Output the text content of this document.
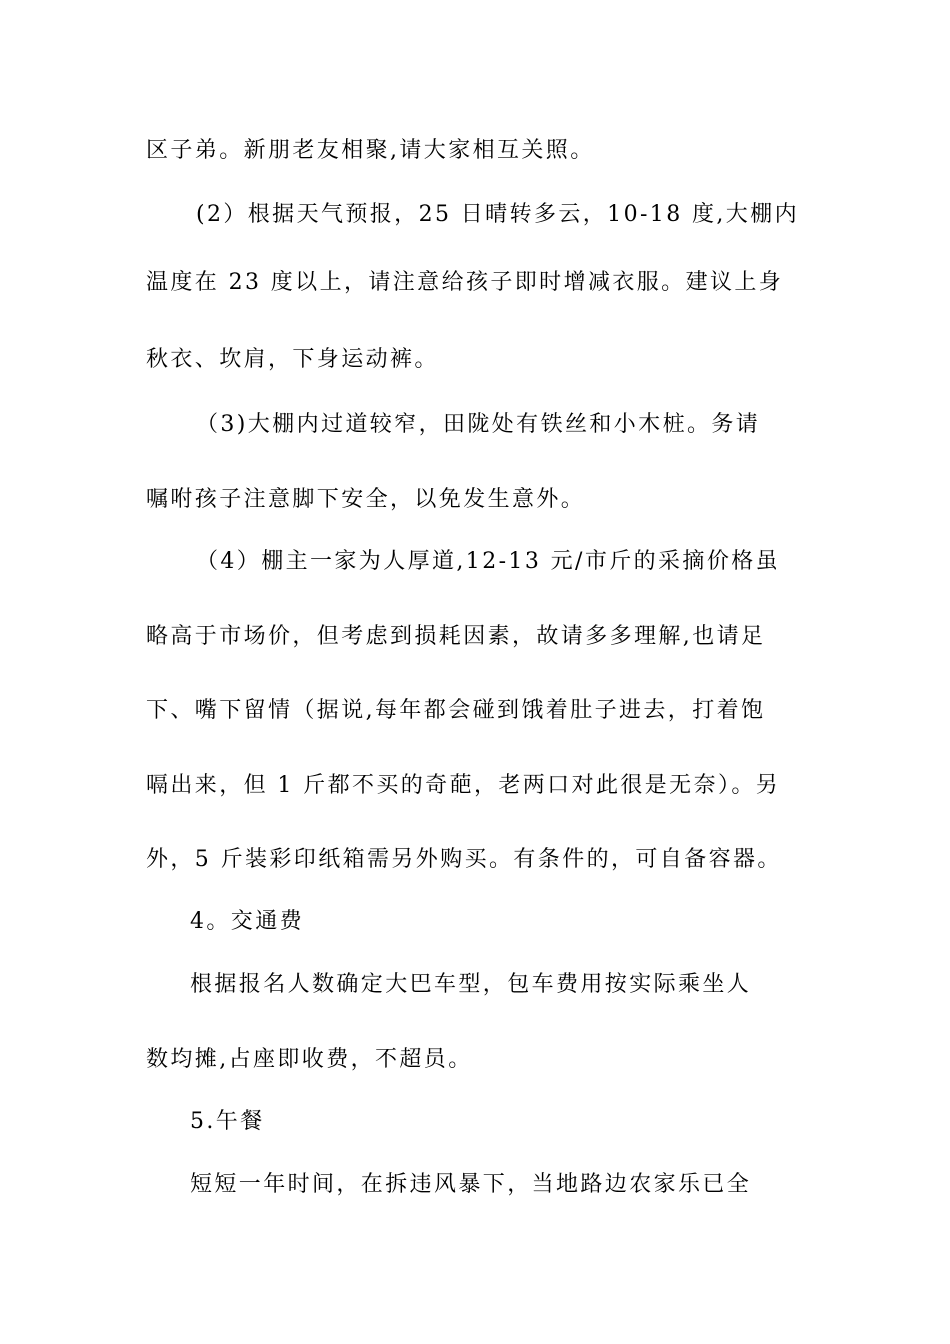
区子弟。新朋老友相聚,请大家相互关照。
(2）根据天气预报，25 日晴转多云，10-18 度,大棚内
温度在 23 度以上，请注意给孩子即时增减衣服。建议上身
秋衣、坎肩，下身运动裤。
（3)大棚内过道较窄，田陇处有铁丝和小木桩。务请
嘱咐孩子注意脚下安全，以免发生意外。
（4）棚主一家为人厚道,12-13 元/市斤的采摘价格虽
略高于市场价，但考虑到损耗因素，故请多多理解,也请足
下、嘴下留情（据说,每年都会碰到饿着肚子进去，打着饱
嗝出来，但 1 斤都不买的奇葩，老两口对此很是无奈）。另
外，5 斤装彩印纸箱需另外购买。有条件的，可自备容器。
4。交通费
根据报名人数确定大巴车型，包车费用按实际乘坐人
数均摊,占座即收费，不超员。
5.午餐
短短一年时间，在拆违风暴下，当地路边农家乐已全
